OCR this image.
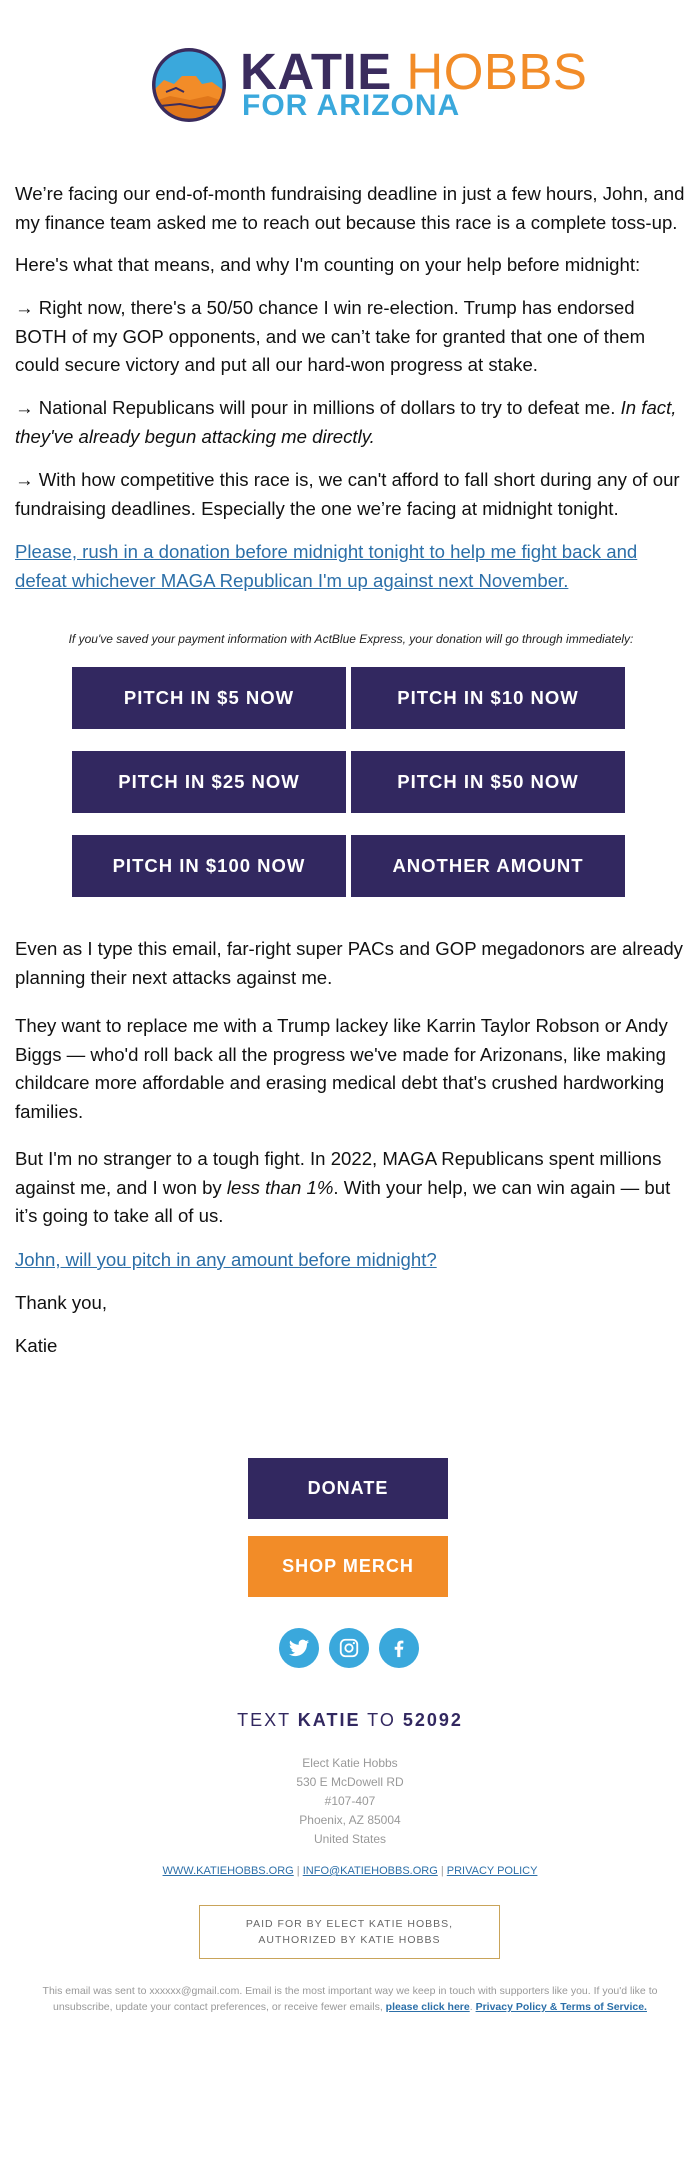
KATIE HOBBS
FOR ARIZONA

We’re facing our end-of-month fundraising deadline in just a few hours, John, and my finance team asked me to reach out because this race is a complete toss-up.

Here's what that means, and why I'm counting on your help before midnight:

→ Right now, there's a 50/50 chance I win re-election. Trump has endorsed BOTH of my GOP opponents, and we can’t take for granted that one of them could secure victory and put all our hard-won progress at stake.

→ National Republicans will pour in millions of dollars to try to defeat me. In fact, they've already begun attacking me directly.

→ With how competitive this race is, we can't afford to fall short during any of our fundraising deadlines. Especially the one we’re facing at midnight tonight.

Please, rush in a donation before midnight tonight to help me fight back and defeat whichever MAGA Republican I'm up against next November.

If you've saved your payment information with ActBlue Express, your donation will go through immediately:
PITCH IN $5 NOW	PITCH IN $10 NOW
PITCH IN $25 NOW	PITCH IN $50 NOW
PITCH IN $100 NOW	ANOTHER AMOUNT

Even as I type this email, far-right super PACs and GOP megadonors are already planning their next attacks against me.

They want to replace me with a Trump lackey like Karrin Taylor Robson or Andy Biggs — who'd roll back all the progress we've made for Arizonans, like making childcare more affordable and erasing medical debt that's crushed hardworking families.

But I'm no stranger to a tough fight. In 2022, MAGA Republicans spent millions against me, and I won by less than 1%. With your help, we can win again — but it’s going to take all of us.

John, will you pitch in any amount before midnight?

Thank you,

Katie

DONATE
SHOP MERCH
TEXT KATIE TO 52092
Elect Katie Hobbs
530 E McDowell RD
#107-407
Phoenix, AZ 85004
United States
WWW.KATIEHOBBS.ORG | INFO@KATIEHOBBS.ORG | PRIVACY POLICY
PAID FOR BY ELECT KATIE HOBBS,
AUTHORIZED BY KATIE HOBBS
This email was sent to xxxxxx@gmail.com. Email is the most important way we keep in touch with supporters like you. If you'd like to unsubscribe, update your contact preferences, or receive fewer emails, please click here. Privacy Policy & Terms of Service.
